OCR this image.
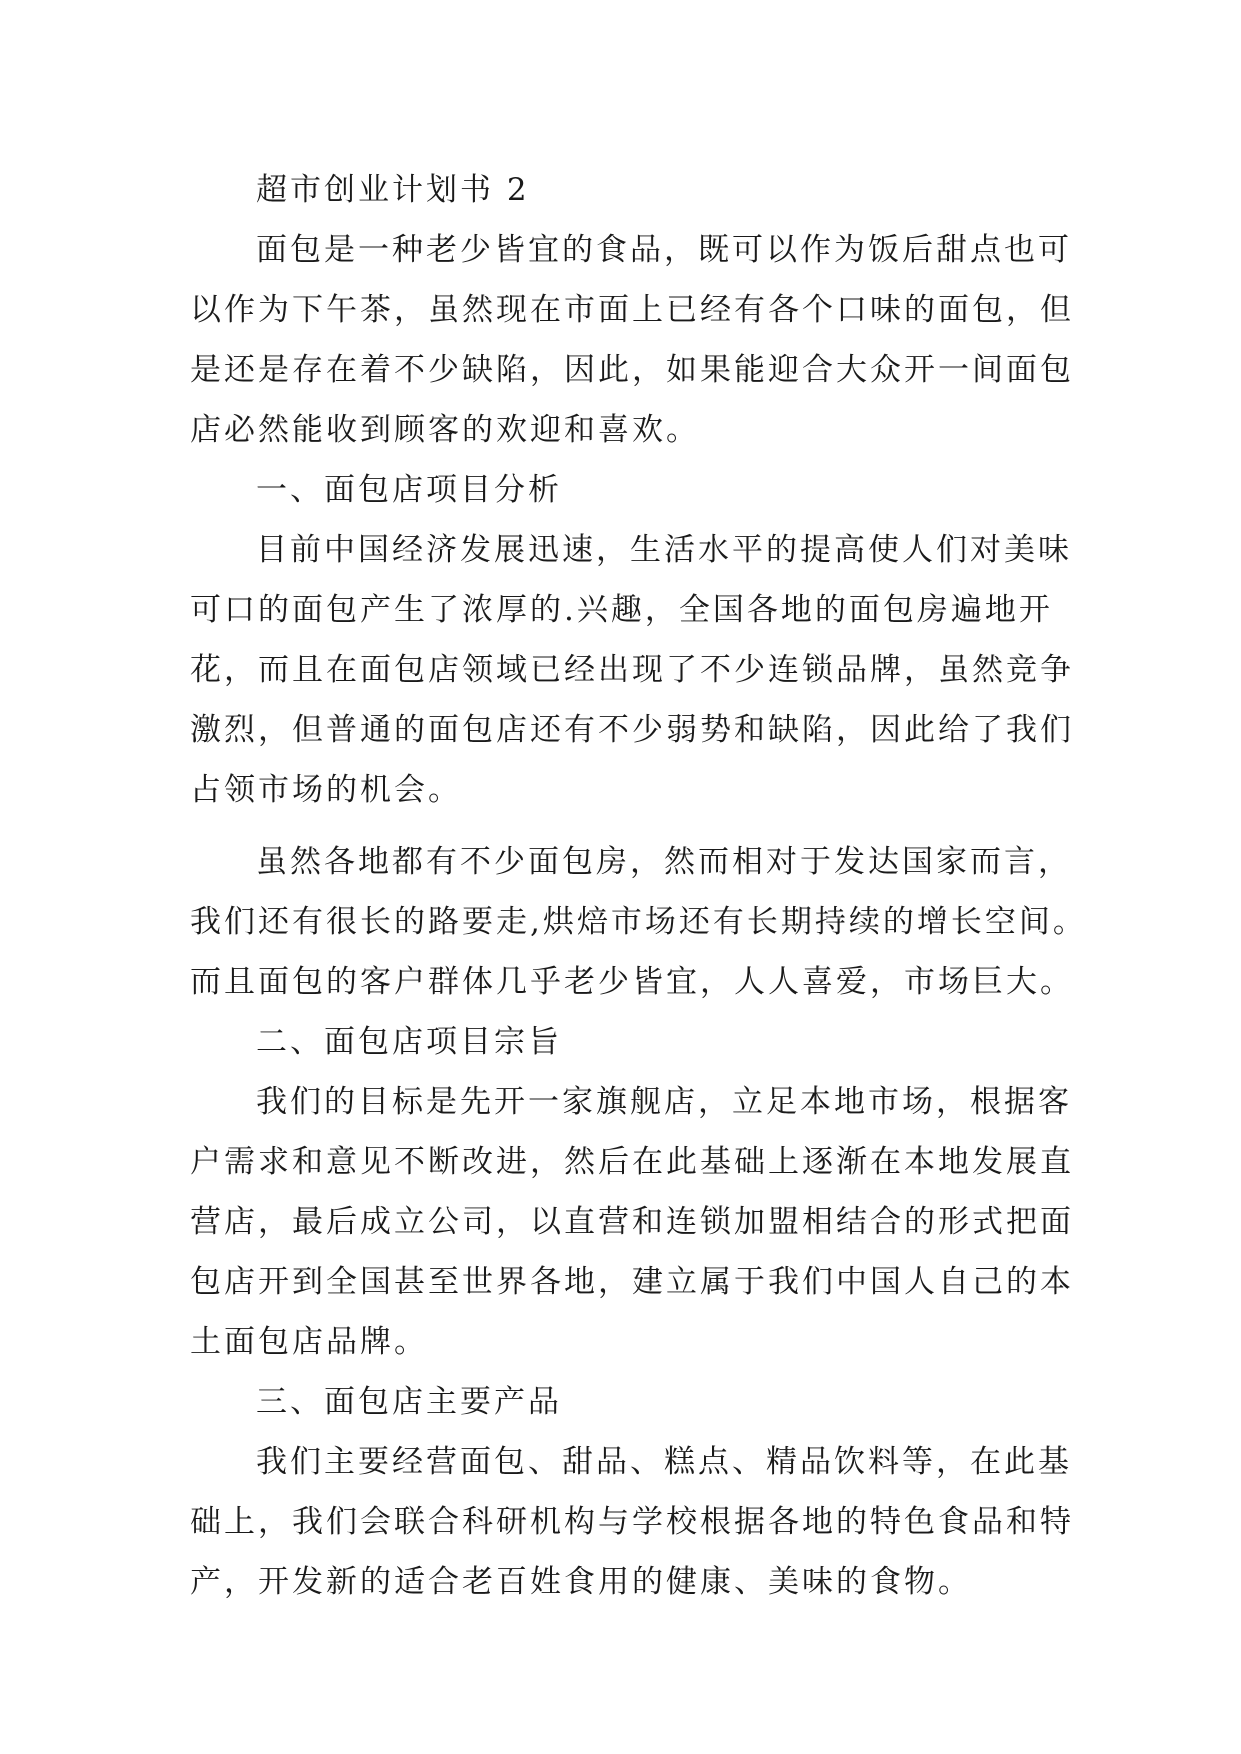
超市创业计划书 2
面包是一种老少皆宜的食品，既可以作为饭后甜点也可
以作为下午茶，虽然现在市面上已经有各个口味的面包，但
是还是存在着不少缺陷，因此，如果能迎合大众开一间面包
店必然能收到顾客的欢迎和喜欢。
一、面包店项目分析
目前中国经济发展迅速，生活水平的提高使人们对美味
可口的面包产生了浓厚的.兴趣，全国各地的面包房遍地开
花，而且在面包店领域已经出现了不少连锁品牌，虽然竞争
激烈，但普通的面包店还有不少弱势和缺陷，因此给了我们
占领市场的机会。
虽然各地都有不少面包房，然而相对于发达国家而言，
我们还有很长的路要走,烘焙市场还有长期持续的增长空间。
而且面包的客户群体几乎老少皆宜，人人喜爱，市场巨大。
二、面包店项目宗旨
我们的目标是先开一家旗舰店，立足本地市场，根据客
户需求和意见不断改进，然后在此基础上逐渐在本地发展直
营店，最后成立公司，以直营和连锁加盟相结合的形式把面
包店开到全国甚至世界各地，建立属于我们中国人自己的本
土面包店品牌。
三、面包店主要产品
我们主要经营面包、甜品、糕点、精品饮料等，在此基
础上，我们会联合科研机构与学校根据各地的特色食品和特
产，开发新的适合老百姓食用的健康、美味的食物。
